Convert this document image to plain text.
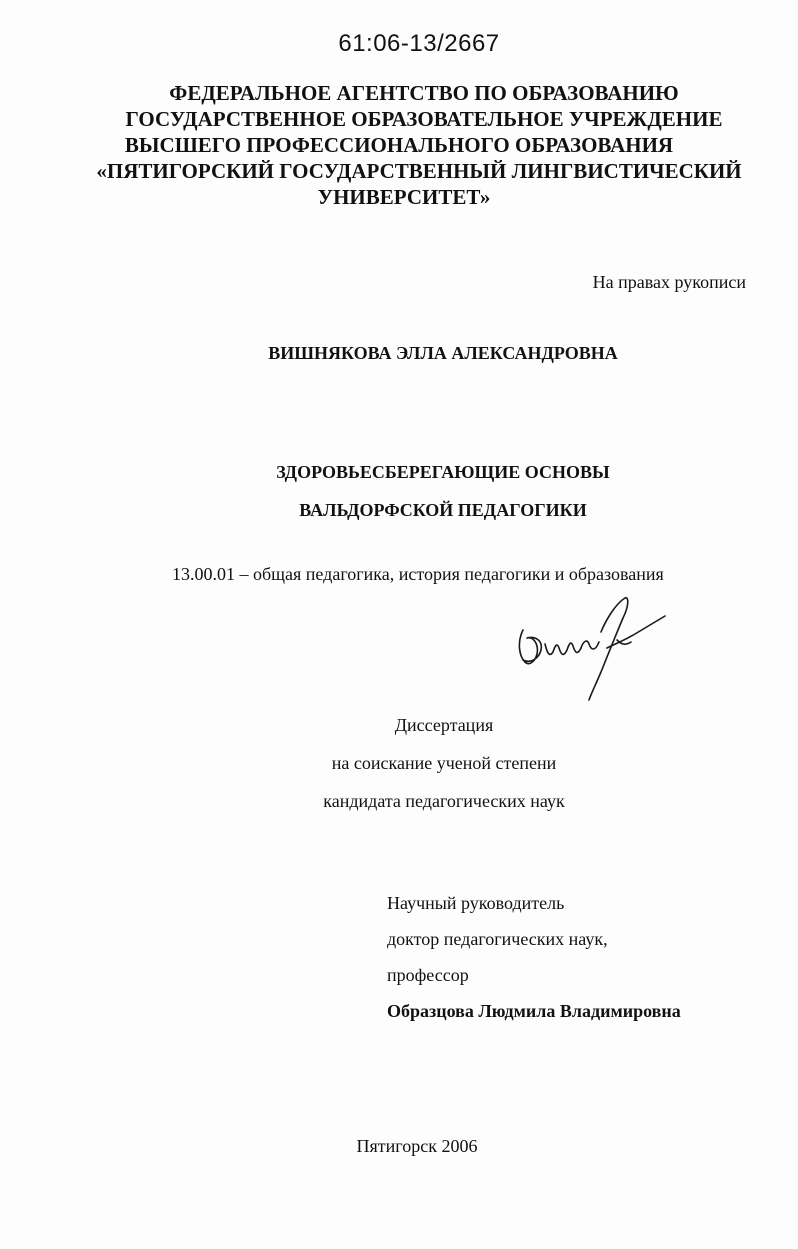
61:06-13/2667
ФЕДЕРАЛЬНОЕ АГЕНТСТВО ПО ОБРАЗОВАНИЮ
ГОСУДАРСТВЕННОЕ ОБРАЗОВАТЕЛЬНОЕ УЧРЕЖДЕНИЕ
ВЫСШЕГО ПРОФЕССИОНАЛЬНОГО ОБРАЗОВАНИЯ
«ПЯТИГОРСКИЙ ГОСУДАРСТВЕННЫЙ ЛИНГВИСТИЧЕСКИЙ
УНИВЕРСИТЕТ»
На правах рукописи
ВИШНЯКОВА ЭЛЛА АЛЕКСАНДРОВНА
ЗДОРОВЬЕСБЕРЕГАЮЩИЕ ОСНОВЫ
ВАЛЬДОРФСКОЙ ПЕДАГОГИКИ
13.00.01 – общая педагогика, история педагогики и образования
Диссертация
на соискание ученой степени
кандидата педагогических наук
Научный руководитель
доктор педагогических наук,
профессор
Образцова Людмила Владимировна
Пятигорск 2006
